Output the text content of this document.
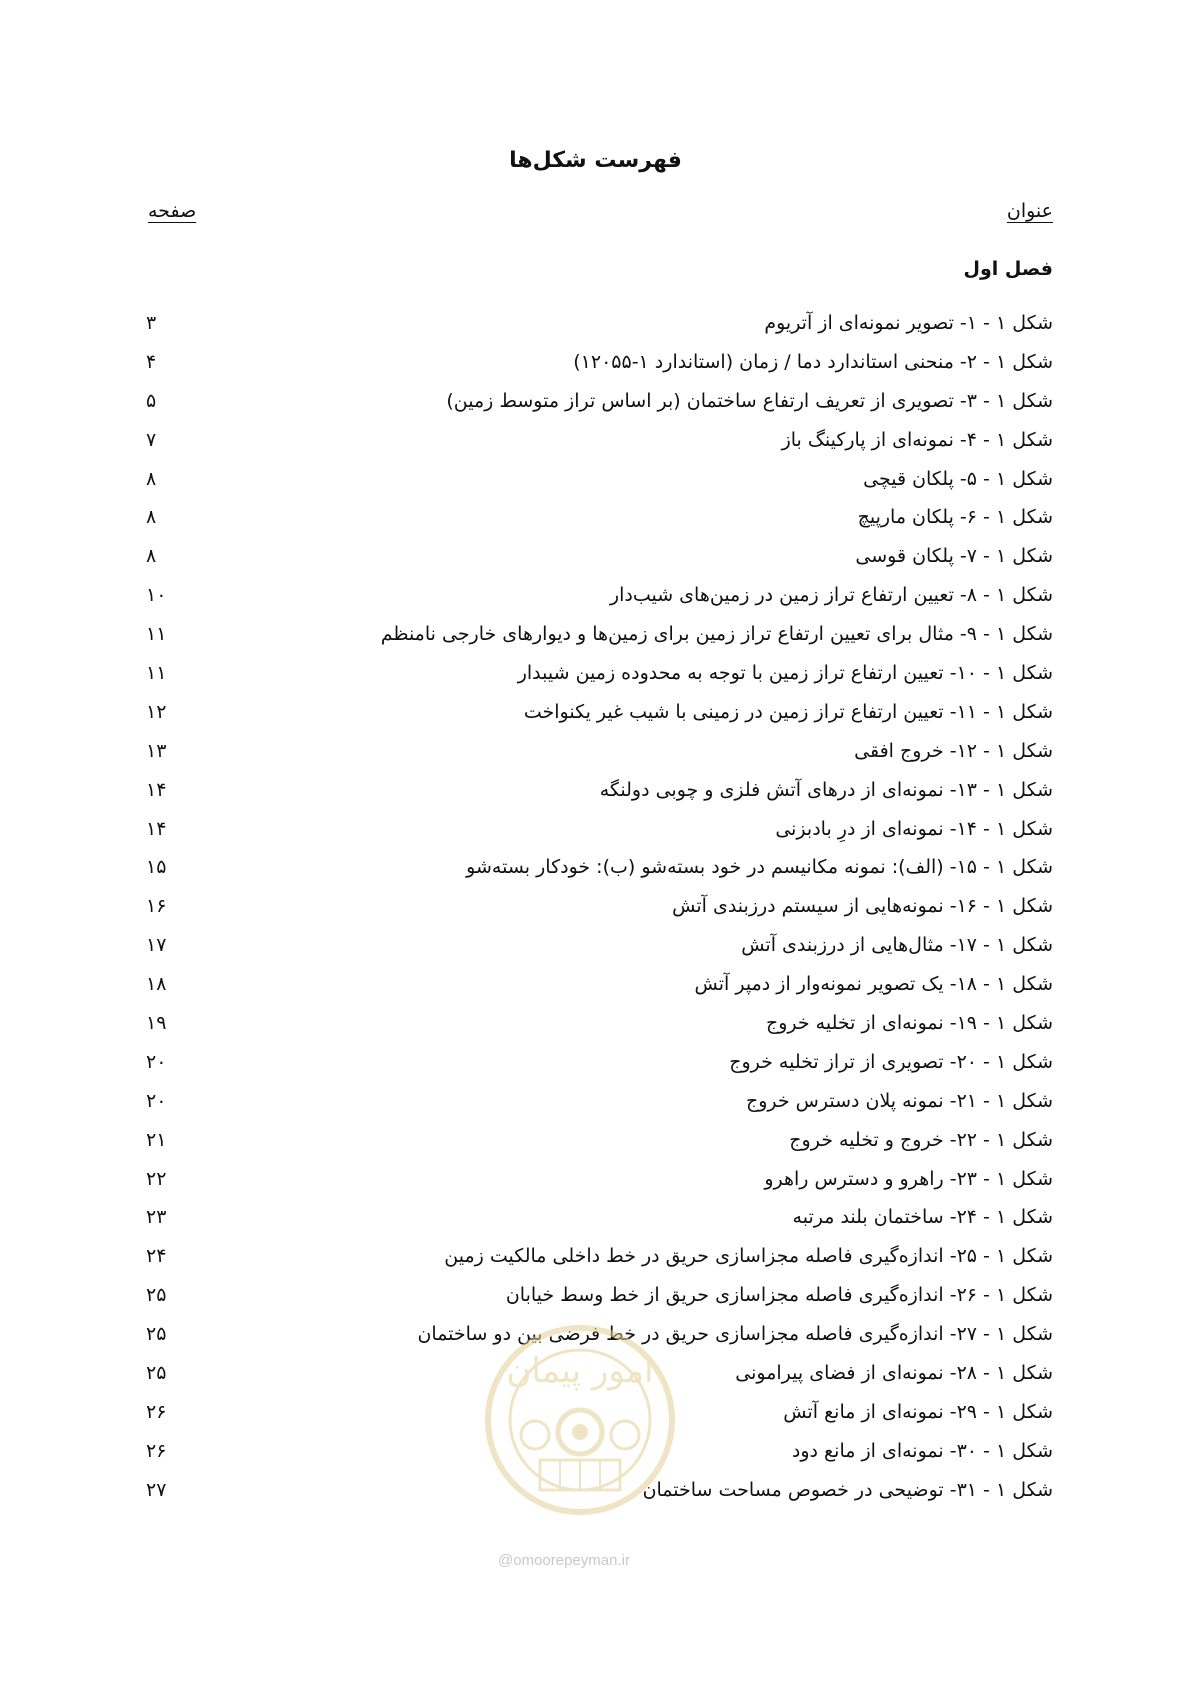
فهرست شکل‌ها
عنوان
صفحه
فصل اول
شکل ۱ - ۱- تصویر نمونه‌ای از آتریوم
۳
شکل ۱ - ۲- منحنی استاندارد دما / زمان (استاندارد ۱-۱۲۰۵۵)
۴
شکل ۱ - ۳- تصویری از تعریف ارتفاع ساختمان (بر اساس تراز متوسط زمین)
۵
شکل ۱ - ۴- نمونه‌ای از پارکینگ باز
۷
شکل ۱ - ۵- پلکان قیچی
۸
شکل ۱ - ۶- پلکان مارپیچ
۸
شکل ۱ - ۷- پلکان قوسی
۸
شکل ۱ - ۸- تعیین ارتفاع تراز زمین در زمین‌های شیب‌دار
۱۰
شکل ۱ - ۹- مثال برای تعیین ارتفاع تراز زمین برای زمین‌ها و دیوارهای خارجی نامنظم
۱۱
شکل ۱ - ۱۰- تعیین ارتفاع تراز زمین با توجه به محدوده زمین شیبدار
۱۱
شکل ۱ - ۱۱- تعیین ارتفاع تراز زمین در زمینی با شیب غیر یکنواخت
۱۲
شکل ۱ - ۱۲- خروج افقی
۱۳
شکل ۱ - ۱۳- نمونه‌ای از درهای آتش فلزی و چوبی دولنگه
۱۴
شکل ۱ - ۱۴- نمونه‌ای از درِ بادبزنی
۱۴
شکل ۱ - ۱۵- (الف): نمونه مکانیسم در خود بسته‌شو (ب): خودکار بسته‌شو
۱۵
شکل ۱ - ۱۶- نمونه‌هایی از سیستم درزبندی آتش
۱۶
شکل ۱ - ۱۷- مثال‌هایی از درزبندی آتش
۱۷
شکل ۱ - ۱۸- یک تصویر نمونه‌وار از دمپر آتش
۱۸
شکل ۱ - ۱۹- نمونه‌ای از تخلیه خروج
۱۹
شکل ۱ - ۲۰- تصویری از تراز تخلیه خروج
۲۰
شکل ۱ - ۲۱- نمونه پلان دسترس خروج
۲۰
شکل ۱ - ۲۲- خروج و تخلیه خروج
۲۱
شکل ۱ - ۲۳- راهرو و دسترس راهرو
۲۲
شکل ۱ - ۲۴- ساختمان بلند مرتبه
۲۳
شکل ۱ - ۲۵- اندازه‌گیری فاصله مجزاسازی حریق در خط داخلی مالکیت زمین
۲۴
شکل ۱ - ۲۶- اندازه‌گیری فاصله مجزاسازی حریق از خط وسط خیابان
۲۵
شکل ۱ - ۲۷- اندازه‌گیری فاصله مجزاسازی حریق در خط فرضی بین دو ساختمان
۲۵
شکل ۱ - ۲۸- نمونه‌ای از فضای پیرامونی
۲۵
شکل ۱ - ۲۹- نمونه‌ای از مانع آتش
۲۶
شکل ۱ - ۳۰- نمونه‌ای از مانع دود
۲۶
شکل ۱ - ۳۱- توضیحی در خصوص مساحت ساختمان
۲۷
امور پیمان
@omoorepeyman.ir
